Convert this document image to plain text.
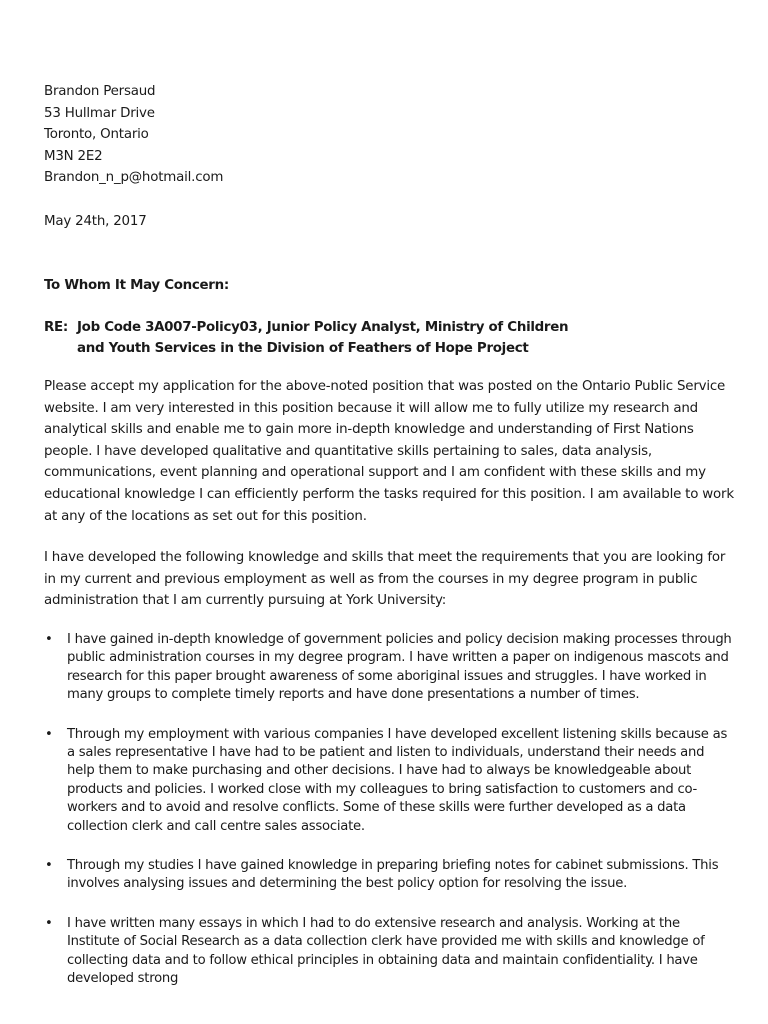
Brandon Persaud
53 Hullmar Drive
Toronto, Ontario
M3N 2E2
Brandon_n_p@hotmail.com
May 24th, 2017
To Whom It May Concern:
RE: Job Code 3A007-Policy03, Junior Policy Analyst, Ministry of Children
and Youth Services in the Division of Feathers of Hope Project

Please accept my application for the above-noted position that was posted on the Ontario Public Service website. I am very interested in this position because it will allow me to fully utilize my research and analytical skills and enable me to gain more in-depth knowledge and understanding of First Nations people. I have developed qualitative and quantitative skills pertaining to sales, data analysis, communications, event planning and operational support and I am confident with these skills and my educational knowledge I can efficiently perform the tasks required for this position. I am available to work at any of the locations as set out for this position.

I have developed the following knowledge and skills that meet the requirements that you are looking for in my current and previous employment as well as from the courses in my degree program in public administration that I am currently pursuing at York University:

• I have gained in-depth knowledge of government policies and policy decision making processes through public administration courses in my degree program. I have written a paper on indigenous mascots and research for this paper brought awareness of some aboriginal issues and struggles. I have worked in many groups to complete timely reports and have done presentations a number of times.
• Through my employment with various companies I have developed excellent listening skills because as a sales representative I have had to be patient and listen to individuals, understand their needs and help them to make purchasing and other decisions. I have had to always be knowledgeable about products and policies. I worked close with my colleagues to bring satisfaction to customers and co-workers and to avoid and resolve conflicts. Some of these skills were further developed as a data collection clerk and call centre sales associate.
• Through my studies I have gained knowledge in preparing briefing notes for cabinet submissions. This involves analysing issues and determining the best policy option for resolving the issue.
• I have written many essays in which I had to do extensive research and analysis. Working at the Institute of Social Research as a data collection clerk have provided me with skills and knowledge of collecting data and to follow ethical principles in obtaining data and maintain confidentiality. I have developed strong
